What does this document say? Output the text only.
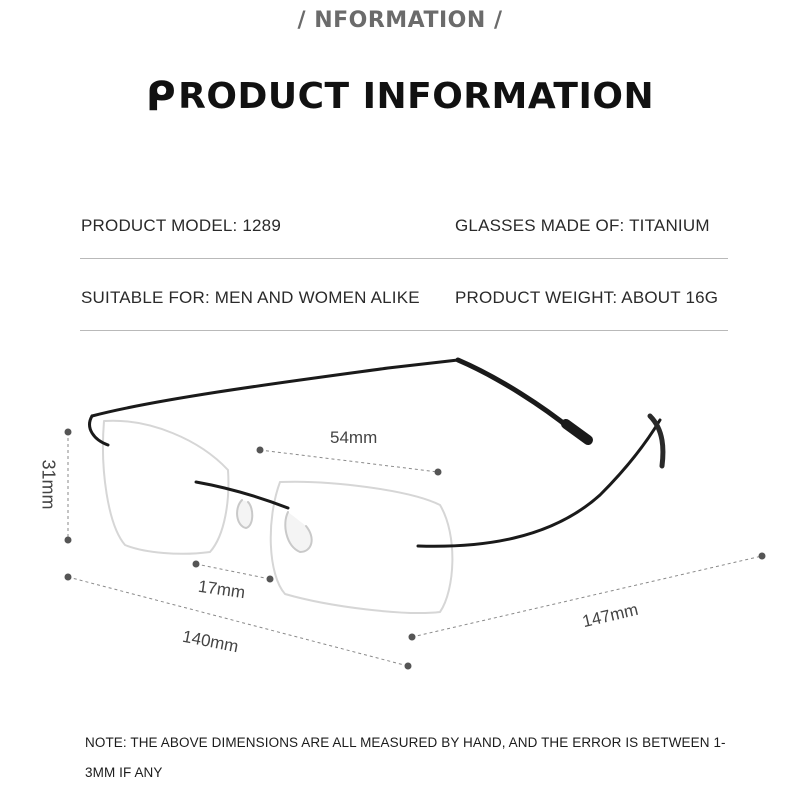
/ NFORMATION /
ᑭRODUCT INFORMATION
PRODUCT MODEL: 1289	GLASSES MADE OF: TITANIUM
SUITABLE FOR: MEN AND WOMEN ALIKE PRODUCT WEIGHT: ABOUT 16G
31mm
54mm
17mm
140mm
147mm
NOTE: THE ABOVE DIMENSIONS ARE ALL MEASURED BY HAND, AND THE ERROR IS BETWEEN 1-3MM IF ANY
